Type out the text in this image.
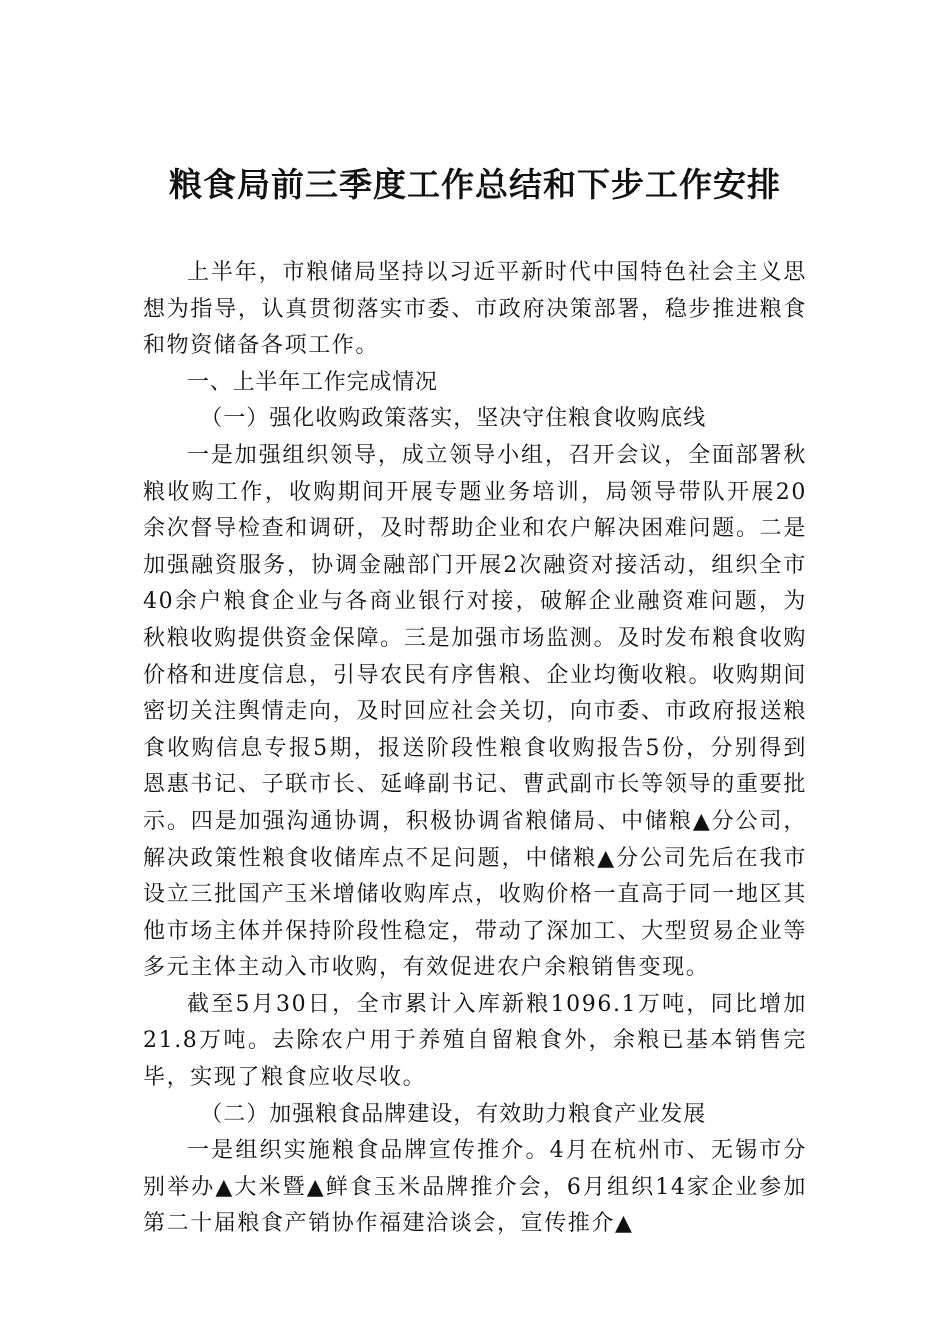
粮食局前三季度工作总结和下步工作安排

上半年，市粮储局坚持以习近平新时代中国特色社会主义思想为指导，认真贯彻落实市委、市政府决策部署，稳步推进粮食和物资储备各项工作。

一、上半年工作完成情况

（一）强化收购政策落实，坚决守住粮食收购底线

一是加强组织领导，成立领导小组，召开会议，全面部署秋粮收购工作，收购期间开展专题业务培训，局领导带队开展20余次督导检查和调研，及时帮助企业和农户解决困难问题。二是加强融资服务，协调金融部门开展2次融资对接活动，组织全市40余户粮食企业与各商业银行对接，破解企业融资难问题，为秋粮收购提供资金保障。三是加强市场监测。及时发布粮食收购价格和进度信息，引导农民有序售粮、企业均衡收粮。收购期间密切关注舆情走向，及时回应社会关切，向市委、市政府报送粮食收购信息专报5期，报送阶段性粮食收购报告5份，分别得到恩惠书记、子联市长、延峰副书记、曹武副市长等领导的重要批示。四是加强沟通协调，积极协调省粮储局、中储粮▲分公司，解决政策性粮食收储库点不足问题，中储粮▲分公司先后在我市设立三批国产玉米增储收购库点，收购价格一直高于同一地区其他市场主体并保持阶段性稳定，带动了深加工、大型贸易企业等多元主体主动入市收购，有效促进农户余粮销售变现。

截至5月30日，全市累计入库新粮1096.1万吨，同比增加21.8万吨。去除农户用于养殖自留粮食外，余粮已基本销售完毕，实现了粮食应收尽收。

（二）加强粮食品牌建设，有效助力粮食产业发展

一是组织实施粮食品牌宣传推介。4月在杭州市、无锡市分别举办▲大米暨▲鲜食玉米品牌推介会，6月组织14家企业参加第二十届粮食产销协作福建洽谈会，宣传推介▲
